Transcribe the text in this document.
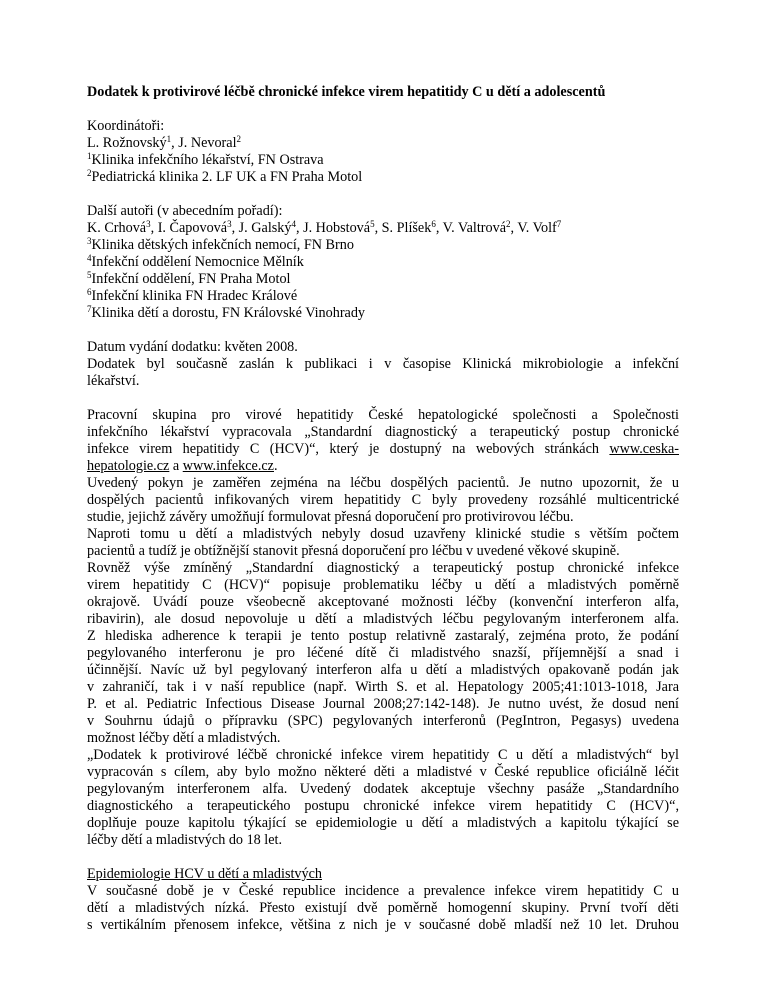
Dodatek k protivirové léčbě chronické infekce virem hepatitidy C u dětí a adolescentů
Koordinátoři:
L. Rožnovský$^1$, J. Nevoral$^2$
$^1$Klinika infekčního lékařství, FN Ostrava
$^2$Pediatrická klinika 2. LF UK a FN Praha Motol
Další autoři (v abecedním pořadí):
K. Crhová$^3$, I. Čapovová$^3$, J. Galský$^4$, J. Hobstová$^5$, S. Plíšek$^6$, V. Valtrová$^2$, V. Volf$^7$
$^3$Klinika dětských infekčních nemocí, FN Brno
$^4$Infekční oddělení Nemocnice Mělník
$^5$Infekční oddělení, FN Praha Motol
$^6$Infekční klinika FN Hradec Králové
$^7$Klinika dětí a dorostu, FN Královské Vinohrady
Datum vydání dodatku: květen 2008.
Dodatek byl současně zaslán k publikaci i v časopise Klinická mikrobiologie a infekční
lékařství.
Pracovní skupina pro virové hepatitidy České hepatologické společnosti a Společnosti
infekčního lékařství vypracovala „Standardní diagnostický a terapeutický postup chronické
infekce virem hepatitidy C (HCV)“, který je dostupný na webových stránkách www.ceska-
hepatologie.cz a www.infekce.cz.
Uvedený pokyn je zaměřen zejména na léčbu dospělých pacientů. Je nutno upozornit, že u
dospělých pacientů infikovaných virem hepatitidy C byly provedeny rozsáhlé multicentrické
studie, jejichž závěry umožňují formulovat přesná doporučení pro protivirovou léčbu.
Naproti tomu u dětí a mladistvých nebyly dosud uzavřeny klinické studie s větším počtem
pacientů a tudíž je obtížnější stanovit přesná doporučení pro léčbu v uvedené věkové skupině.
Rovněž výše zmíněný „Standardní diagnostický a terapeutický postup chronické infekce
virem hepatitidy C (HCV)“ popisuje problematiku léčby u dětí a mladistvých poměrně
okrajově. Uvádí pouze všeobecně akceptované možnosti léčby (konvenční interferon alfa,
ribavirin), ale dosud nepovoluje u dětí a mladistvých léčbu pegylovaným interferonem alfa.
Z hlediska adherence k terapii je tento postup relativně zastaralý, zejména proto, že podání
pegylovaného interferonu je pro léčené dítě či mladistvého snazší, příjemnější a snad i
účinnější. Navíc už byl pegylovaný interferon alfa u dětí a mladistvých opakovaně podán jak
v zahraničí, tak i v naší republice (např. Wirth S. et al. Hepatology 2005;41:1013-1018, Jara
P. et al. Pediatric Infectious Disease Journal 2008;27:142-148). Je nutno uvést, že dosud není
v Souhrnu údajů o přípravku (SPC) pegylovaných interferonů (PegIntron, Pegasys) uvedena
možnost léčby dětí a mladistvých.
„Dodatek k protivirové léčbě chronické infekce virem hepatitidy C u dětí a mladistvých“ byl
vypracován s cílem, aby bylo možno některé děti a mladistvé v České republice oficiálně léčit
pegylovaným interferonem alfa. Uvedený dodatek akceptuje všechny pasáže „Standardního
diagnostického a terapeutického postupu chronické infekce virem hepatitidy C (HCV)“,
doplňuje pouze kapitolu týkající se epidemiologie u dětí a mladistvých a kapitolu týkající se
léčby dětí a mladistvých do 18 let.
Epidemiologie HCV u dětí a mladistvých
V současné době je v České republice incidence a prevalence infekce virem hepatitidy C u
dětí a mladistvých nízká. Přesto existují dvě poměrně homogenní skupiny. První tvoří děti
s vertikálním přenosem infekce, většina z nich je v současné době mladší než 10 let. Druhou
